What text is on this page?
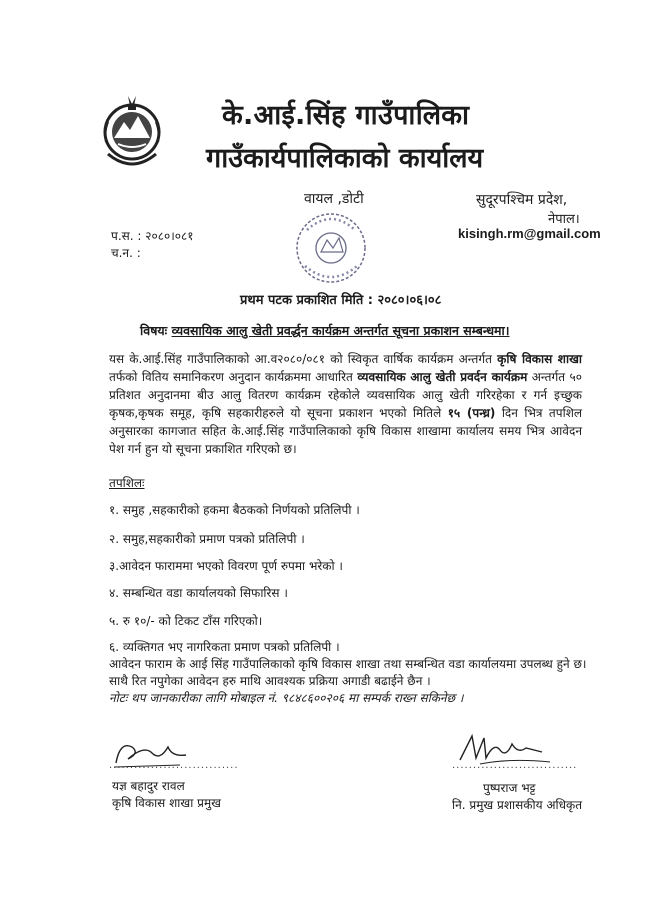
के.आई.सिंह गाउँपालिका
गाउँकार्यपालिकाको कार्यालय
वायल ,डोटी	सुदूरपश्चिम प्रदेश,
नेपाल।
kisingh.rm@gmail.com
प.स. : २०८०।०८१
च.न. :
प्रथम पटक प्रकाशित मिति : २०८०।०६।०८
विषयः व्यवसायिक आलु खेती प्रवर्द्धन कार्यक्रम अन्तर्गत सूचना प्रकाशन सम्बन्धमा।
यस के.आई.सिंह गाउँपालिकाको आ.व२०८०/०८१ को स्विकृत वार्षिक कार्यक्रम अन्तर्गत कृषि विकास शाखा तर्फको वितिय समानिकरण अनुदान कार्यक्रममा आधारित व्यवसायिक आलु खेती प्रवर्दन कार्यक्रम अन्तर्गत ५० प्रतिशत अनुदानमा बीउ आलु वितरण कार्यक्रम रहेकोले व्यवसायिक आलु खेती गरिरहेका र गर्न इच्छुक कृषक,कृषक समूह, कृषि सहकारीहरुले यो सूचना प्रकाशन भएको मितिले १५ (पन्ध्र) दिन भित्र तपशिल अनुसारका कागजात सहित के.आई.सिंह गाउँपालिकाको कृषि विकास शाखामा कार्यालय समय भित्र आवेदन पेश गर्न हुन यो सूचना प्रकाशित गरिएको छ।
तपशिलः
१. समुह ,सहकारीको हकमा बैठकको निर्णयको प्रतिलिपी ।
२. समुह,सहकारीको प्रमाण पत्रको प्रतिलिपी ।
३.आवेदन फाराममा भएको विवरण पूर्ण रुपमा भरेको ।
४. सम्बन्धित वडा कार्यालयको सिफारिस ।
५. रु १०/- को टिकट टाँस गरिएको।
६. व्यक्तिगत भए नागरिकता प्रमाण पत्रको प्रतिलिपी ।
आवेदन फाराम के आई सिंह गाउँपालिकाको कृषि विकास शाखा तथा सम्बन्धित वडा कार्यालयमा उपलब्ध हुने छ। साथै रित नपुगेका आवेदन हरु माथि आवश्यक प्रक्रिया अगाडी बढाईने छैन ।
नोटः थप जानकारीका लागि मोबाइल नं. ९८४८६००२०६ मा सम्पर्क राख्न सकिनेछ ।
...............................	..............................
यज्ञ बहादुर रावल
कृषि विकास शाखा प्रमुख
पुष्पराज भट्ट
नि. प्रमुख प्रशासकीय अधिकृत
